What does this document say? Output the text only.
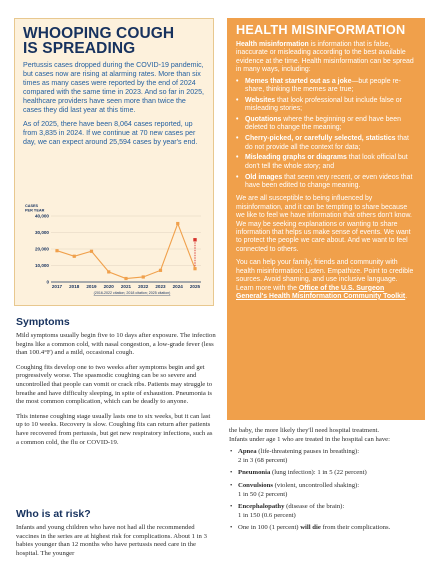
WHOOPING COUGH
IS SPREADING

Pertussis cases dropped during the COVID-19 pandemic, but cases now are rising at alarming rates. More than six times as many cases were reported by the end of 2024 compared with the same time in 2023. And so far in 2025, healthcare providers have seen more than twice the cases they did last year at this time.

As of 2025, there have been 8,064 cases reported, up from 3,835 in 2024. If we continue at 70 new cases per day, we can expect around 25,594 cases by year's end.

CASES
PER YEAR
0
10,000
20,000
30,000
40,000
2017 2018 2019 2020 2021 2022 2023 2024 2025
(2016-2022 citation; 2018 citation; 2025 citation)
HEALTH MISINFORMATION

Health misinformation is information that is false, inaccurate or misleading according to the best available evidence at the time. Health misinformation can be spread in many ways, including:

• Memes that started out as a joke—but people re-share, thinking the memes are true;
• Websites that look professional but include false or misleading stories;
• Quotations where the beginning or end have been deleted to change the meaning;
• Cherry-picked, or carefully selected, statistics that do not provide all the context for data;
• Misleading graphs or diagrams that look official but don't tell the whole story; and
• Old images that seem very recent, or even videos that have been edited to change meaning.

We are all susceptible to being influenced by misinformation, and it can be tempting to share because we like to feel we have information that others don't know. We may be seeking explanations or wanting to share information that helps us make sense of events. We want to protect the people we care about. And we want to feel connected to others.

You can help your family, friends and community with health misinformation: Listen. Empathize. Point to credible sources. Avoid shaming, and use inclusive language. Learn more with the Office of the U.S. Surgeon General's Health Misinformation Community Toolkit.

Symptoms

Mild symptoms usually begin five to 10 days after exposure. The infection begins like a common cold, with nasal congestion, a low-grade fever (less than 100.4°F) and a mild, occasional cough.

Coughing fits develop one to two weeks after symptoms begin and get progressively worse. The spasmodic coughing can be so severe and uncontrolled that people can vomit or crack ribs. Patients may struggle to breathe and have difficulty sleeping, in spite of exhaustion. Pneumonia is the most common complication, which can be deadly to anyone.

This intense coughing stage usually lasts one to six weeks, but it can last up to 10 weeks. Recovery is slow. Coughing fits can return after patients have recovered from pertussis, but get new respiratory infections, such as a common cold, the flu or COVID-19.

Who is at risk?

Infants and young children who have not had all the recommended vaccines in the series are at highest risk for complications. About 1 in 3 babies younger than 12 months who have pertussis need care in the hospital. The younger

the baby, the more likely they'll need hospital treatment.

Infants under age 1 who are treated in the hospital can have:

• Apnea (life-threatening pauses in breathing):
2 in 3 (68 percent)
• Pneumonia (lung infection): 1 in 5 (22 percent)
• Convulsions (violent, uncontrolled shaking):
1 in 50 (2 percent)
• Encephalopathy (disease of the brain):
1 in 150 (0.6 percent)
• One in 100 (1 percent) will die from their complications.
